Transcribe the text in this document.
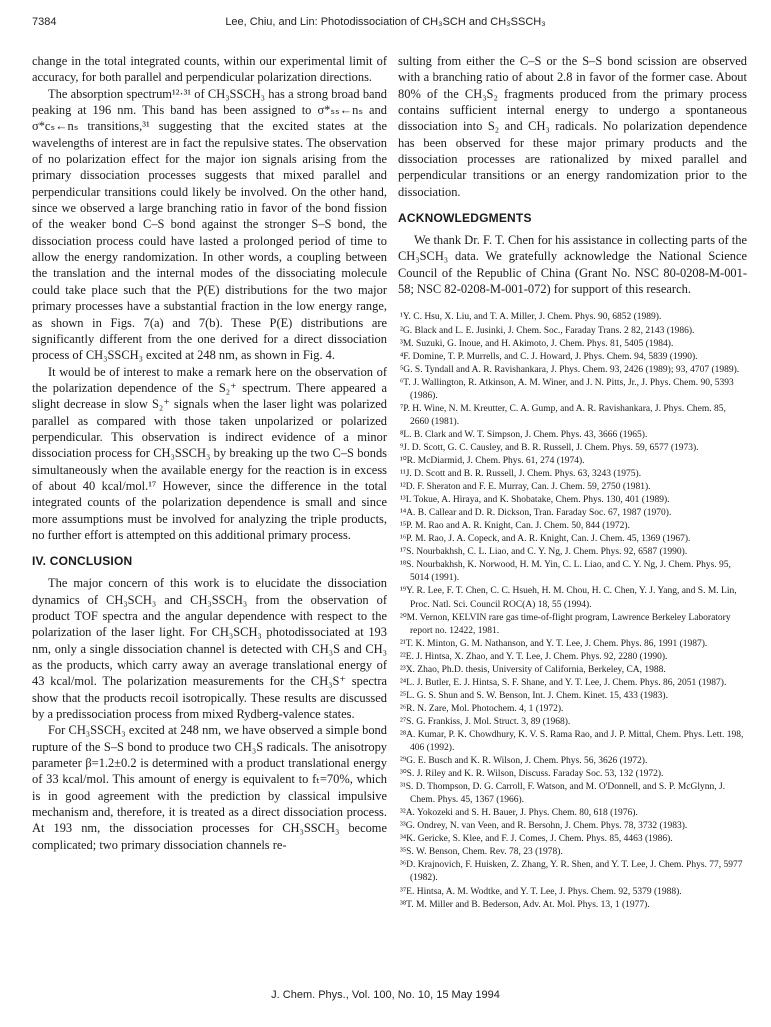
7384	Lee, Chiu, and Lin: Photodissociation of CH₃SCH and CH₃SSCH₃

change in the total integrated counts, within our experimental limit of accuracy, for both parallel and perpendicular polarization directions.

The absorption spectrum¹²·³¹ of CH₃SSCH₃ has a strong broad band peaking at 196 nm. This band has been assigned to σ*ₛₛ←nₛ and σ*cₛ←nₛ transitions,³¹ suggesting that the excited states at the wavelengths of interest are in fact the repulsive states. The observation of no polarization effect for the major ion signals arising from the primary dissociation processes suggests that mixed parallel and perpendicular transitions could likely be involved. On the other hand, since we observed a large branching ratio in favor of the bond fission of the weaker bond C–S bond against the stronger S–S bond, the dissociation process could have lasted a prolonged period of time to allow the energy randomization. In other words, a coupling between the translation and the internal modes of the dissociating molecule could take place such that the P(E) distributions for the two major primary processes have a substantial fraction in the low energy range, as shown in Figs. 7(a) and 7(b). These P(E) distributions are significantly different from the one derived for a direct dissociation process of CH₃SSCH₃ excited at 248 nm, as shown in Fig. 4.

It would be of interest to make a remark here on the observation of the polarization dependence of the S₂⁺ spectrum. There appeared a slight decrease in slow S₂⁺ signals when the laser light was polarized parallel as compared with those taken unpolarized or polarized perpendicular. This observation is indirect evidence of a minor dissociation process for CH₃SSCH₃ by breaking up the two C–S bonds simultaneously when the available energy for the reaction is in excess of about 40 kcal/mol.¹⁷ However, since the difference in the total integrated counts of the polarization dependence is small and since more assumptions must be involved for analyzing the triple products, no further effort is attempted on this additional primary process.

IV. CONCLUSION

The major concern of this work is to elucidate the dissociation dynamics of CH₃SCH₃ and CH₃SSCH₃ from the observation of product TOF spectra and the angular dependence with respect to the polarization of the laser light. For CH₃SCH₃ photodissociated at 193 nm, only a single dissociation channel is detected with CH₃S and CH₃ as the products, which carry away an average translational energy of 43 kcal/mol. The polarization measurements for the CH₃S⁺ spectra show that the products recoil isotropically. These results are discussed by a predissociation process from mixed Rydberg-valence states.

For CH₃SSCH₃ excited at 248 nm, we have observed a simple bond rupture of the S–S bond to produce two CH₃S radicals. The anisotropy parameter β=1.2±0.2 is determined with a product translational energy of 33 kcal/mol. This amount of energy is equivalent to fₜ=70%, which is in good agreement with the prediction by classical impulsive mechanism and, therefore, it is treated as a direct dissociation process. At 193 nm, the dissociation processes for CH₃SSCH₃ become complicated; two primary dissociation channels re-

sulting from either the C–S or the S–S bond scission are observed with a branching ratio of about 2.8 in favor of the former case. About 80% of the CH₃S₂ fragments produced from the primary process contains sufficient internal energy to undergo a spontaneous dissociation into S₂ and CH₃ radicals. No polarization dependence has been observed for these major primary products and the dissociation processes are rationalized by mixed parallel and perpendicular transitions or an energy randomization prior to the dissociation.

ACKNOWLEDGMENTS

We thank Dr. F. T. Chen for his assistance in collecting parts of the CH₃SCH₃ data. We gratefully acknowledge the National Science Council of the Republic of China (Grant No. NSC 80-0208-M-001-58; NSC 82-0208-M-001-072) for support of this research.

¹Y. C. Hsu, X. Liu, and T. A. Miller, J. Chem. Phys. 90, 6852 (1989).
²G. Black and L. E. Jusinki, J. Chem. Soc., Faraday Trans. 2 82, 2143 (1986).
³M. Suzuki, G. Inoue, and H. Akimoto, J. Chem. Phys. 81, 5405 (1984).
⁴F. Domine, T. P. Murrells, and C. J. Howard, J. Phys. Chem. 94, 5839 (1990).
⁵G. S. Tyndall and A. R. Ravishankara, J. Phys. Chem. 93, 2426 (1989); 93, 4707 (1989).
⁶T. J. Wallington, R. Atkinson, A. M. Winer, and J. N. Pitts, Jr., J. Phys. Chem. 90, 5393 (1986).
⁷P. H. Wine, N. M. Kreutter, C. A. Gump, and A. R. Ravishankara, J. Phys. Chem. 85, 2660 (1981).
⁸L. B. Clark and W. T. Simpson, J. Chem. Phys. 43, 3666 (1965).
⁹J. D. Scott, G. C. Causley, and B. R. Russell, J. Chem. Phys. 59, 6577 (1973).
¹⁰R. McDiarmid, J. Chem. Phys. 61, 274 (1974).
¹¹J. D. Scott and B. R. Russell, J. Chem. Phys. 63, 3243 (1975).
¹²D. F. Sheraton and F. E. Murray, Can. J. Chem. 59, 2750 (1981).
¹³I. Tokue, A. Hiraya, and K. Shobatake, Chem. Phys. 130, 401 (1989).
¹⁴A. B. Callear and D. R. Dickson, Tran. Faraday Soc. 67, 1987 (1970).
¹⁵P. M. Rao and A. R. Knight, Can. J. Chem. 50, 844 (1972).
¹⁶P. M. Rao, J. A. Copeck, and A. R. Knight, Can. J. Chem. 45, 1369 (1967).
¹⁷S. Nourbakhsh, C. L. Liao, and C. Y. Ng, J. Chem. Phys. 92, 6587 (1990).
¹⁸S. Nourbakhsh, K. Norwood, H. M. Yin, C. L. Liao, and C. Y. Ng, J. Chem. Phys. 95, 5014 (1991).
¹⁹Y. R. Lee, F. T. Chen, C. C. Hsueh, H. M. Chou, H. C. Chen, Y. J. Yang, and S. M. Lin, Proc. Natl. Sci. Council ROC(A) 18, 55 (1994).
²⁰M. Vernon, KELVIN rare gas time-of-flight program, Lawrence Berkeley Laboratory report no. 12422, 1981.
²¹T. K. Minton, G. M. Nathanson, and Y. T. Lee, J. Chem. Phys. 86, 1991 (1987).
²²E. J. Hintsa, X. Zhao, and Y. T. Lee, J. Chem. Phys. 92, 2280 (1990).
²³X. Zhao, Ph.D. thesis, University of California, Berkeley, CA, 1988.
²⁴L. J. Butler, E. J. Hintsa, S. F. Shane, and Y. T. Lee, J. Chem. Phys. 86, 2051 (1987).
²⁵L. G. S. Shun and S. W. Benson, Int. J. Chem. Kinet. 15, 433 (1983).
²⁶R. N. Zare, Mol. Photochem. 4, 1 (1972).
²⁷S. G. Frankiss, J. Mol. Struct. 3, 89 (1968).
²⁸A. Kumar, P. K. Chowdhury, K. V. S. Rama Rao, and J. P. Mittal, Chem. Phys. Lett. 198, 406 (1992).
²⁹G. E. Busch and K. R. Wilson, J. Chem. Phys. 56, 3626 (1972).
³⁰S. J. Riley and K. R. Wilson, Discuss. Faraday Soc. 53, 132 (1972).
³¹S. D. Thompson, D. G. Carroll, F. Watson, and M. O'Donnell, and S. P. McGlynn, J. Chem. Phys. 45, 1367 (1966).
³²A. Yokozeki and S. H. Bauer, J. Phys. Chem. 80, 618 (1976).
³³G. Ondrey, N. van Veen, and R. Bersohn, J. Chem. Phys. 78, 3732 (1983).
³⁴K. Gericke, S. Klee, and F. J. Comes, J. Chem. Phys. 85, 4463 (1986).
³⁵S. W. Benson, Chem. Rev. 78, 23 (1978).
³⁶D. Krajnovich, F. Huisken, Z. Zhang, Y. R. Shen, and Y. T. Lee, J. Chem. Phys. 77, 5977 (1982).
³⁷E. Hintsa, A. M. Wodtke, and Y. T. Lee, J. Phys. Chem. 92, 5379 (1988).
³⁸T. M. Miller and B. Bederson, Adv. At. Mol. Phys. 13, 1 (1977).
J. Chem. Phys., Vol. 100, No. 10, 15 May 1994
